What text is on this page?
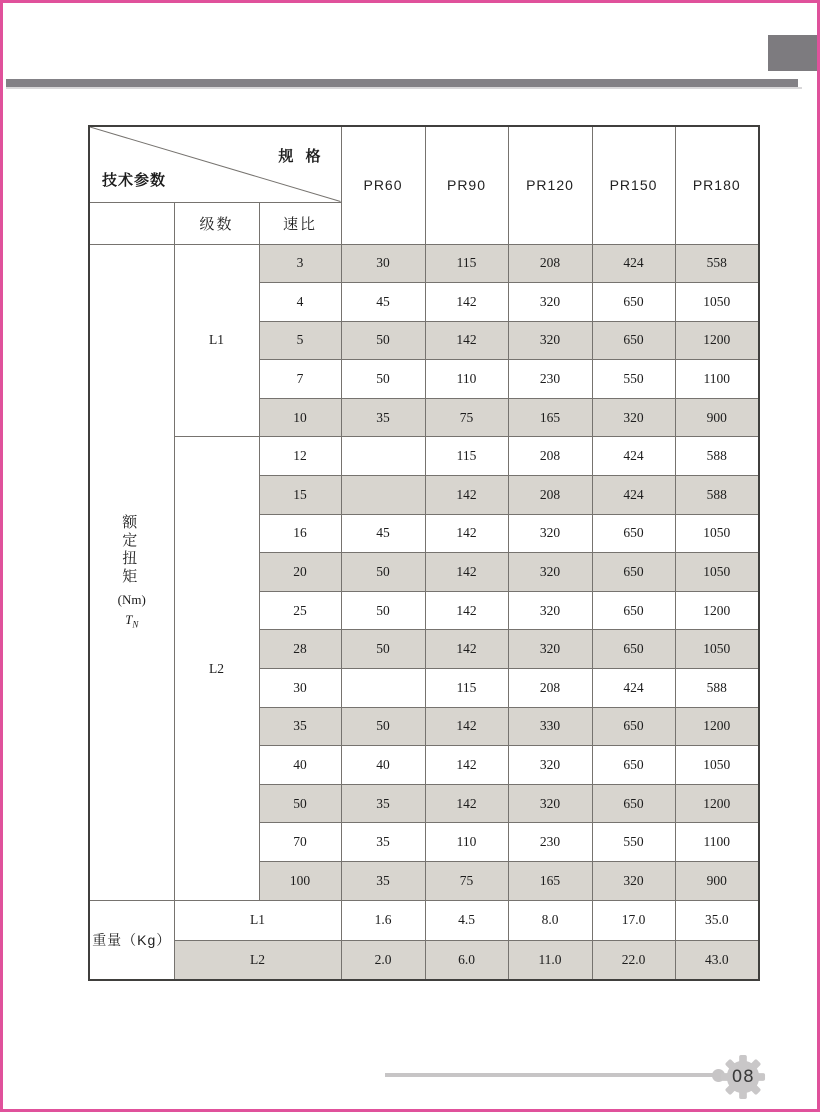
规 格
技术参数			PR60	PR90	PR120	PR150	PR180
	级数	速比					

额定扭矩
(Nm)
$T_N$	L1	3	30	115	208	424	558
		4	45	142	320	650	1050
		5	50	142	320	650	1200
		7	50	110	230	550	1100
		10	35	75	165	320	900
	L2	12		115	208	424	588
		15		142	208	424	588
		16	45	142	320	650	1050
		20	50	142	320	650	1050
		25	50	142	320	650	1200
		28	50	142	320	650	1050
		30		115	208	424	588
		35	50	142	330	650	1200
		40	40	142	320	650	1050
		50	35	142	320	650	1200
		70	35	110	230	550	1100
		100	35	75	165	320	900
重量（Kg）	L1		1.6	4.5	8.0	17.0	35.0
	L2		2.0	6.0	11.0	22.0	43.0
08
